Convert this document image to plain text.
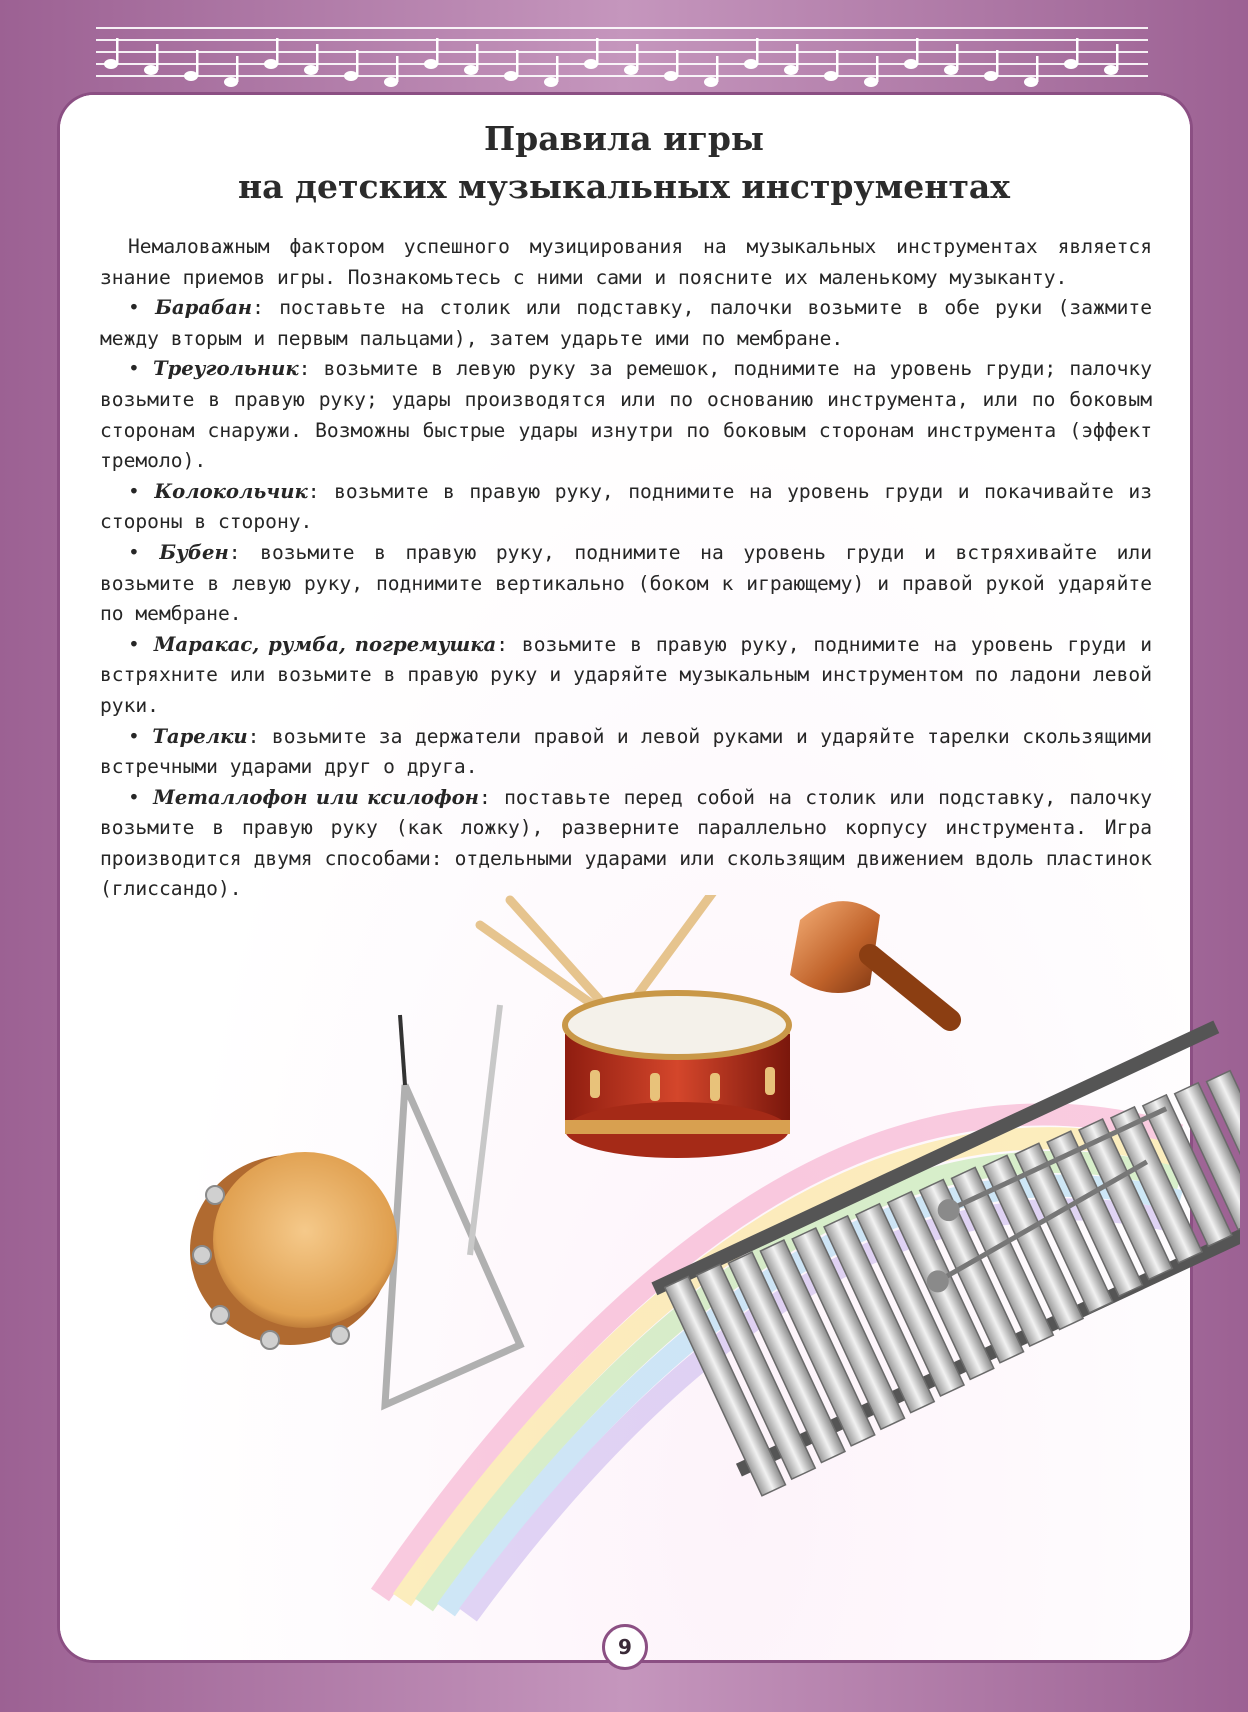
Правила игры
на детских музыкальных инструментах

Немаловажным фактором успешного музицирования на музыкальных инструментах является знание приемов игры. Познакомьтесь с ними сами и поясните их маленькому музыканту.

• Барабан: поставьте на столик или подставку, палочки возьмите в обе руки (зажмите между вторым и первым пальцами), затем ударьте ими по мембране.

• Треугольник: возьмите в левую руку за ремешок, поднимите на уровень груди; палочку возьмите в правую руку; удары производятся или по основанию инструмента, или по боковым сторонам снаружи. Возможны быстрые удары изнутри по боковым сторонам инструмента (эффект тремоло).

• Колокольчик: возьмите в правую руку, поднимите на уровень груди и покачивайте из стороны в сторону.

• Бубен: возьмите в правую руку, поднимите на уровень груди и встряхивайте или возьмите в левую руку, поднимите вертикально (боком к играющему) и правой рукой ударяйте по мембране.

• Маракас, румба, погремушка: возьмите в правую руку, поднимите на уровень груди и встряхните или возьмите в правую руку и ударяйте музыкальным инструментом по ладони левой руки.

• Тарелки: возьмите за держатели правой и левой руками и ударяйте тарелки скользящими встречными ударами друг о друга.

• Металлофон или ксилофон: поставьте перед собой на столик или подставку, палочку возьмите в правую руку (как ложку), разверните параллельно корпусу инструмента. Игра производится двумя способами: отдельными ударами или скользящим движением вдоль пластинок (глиссандо).

9
